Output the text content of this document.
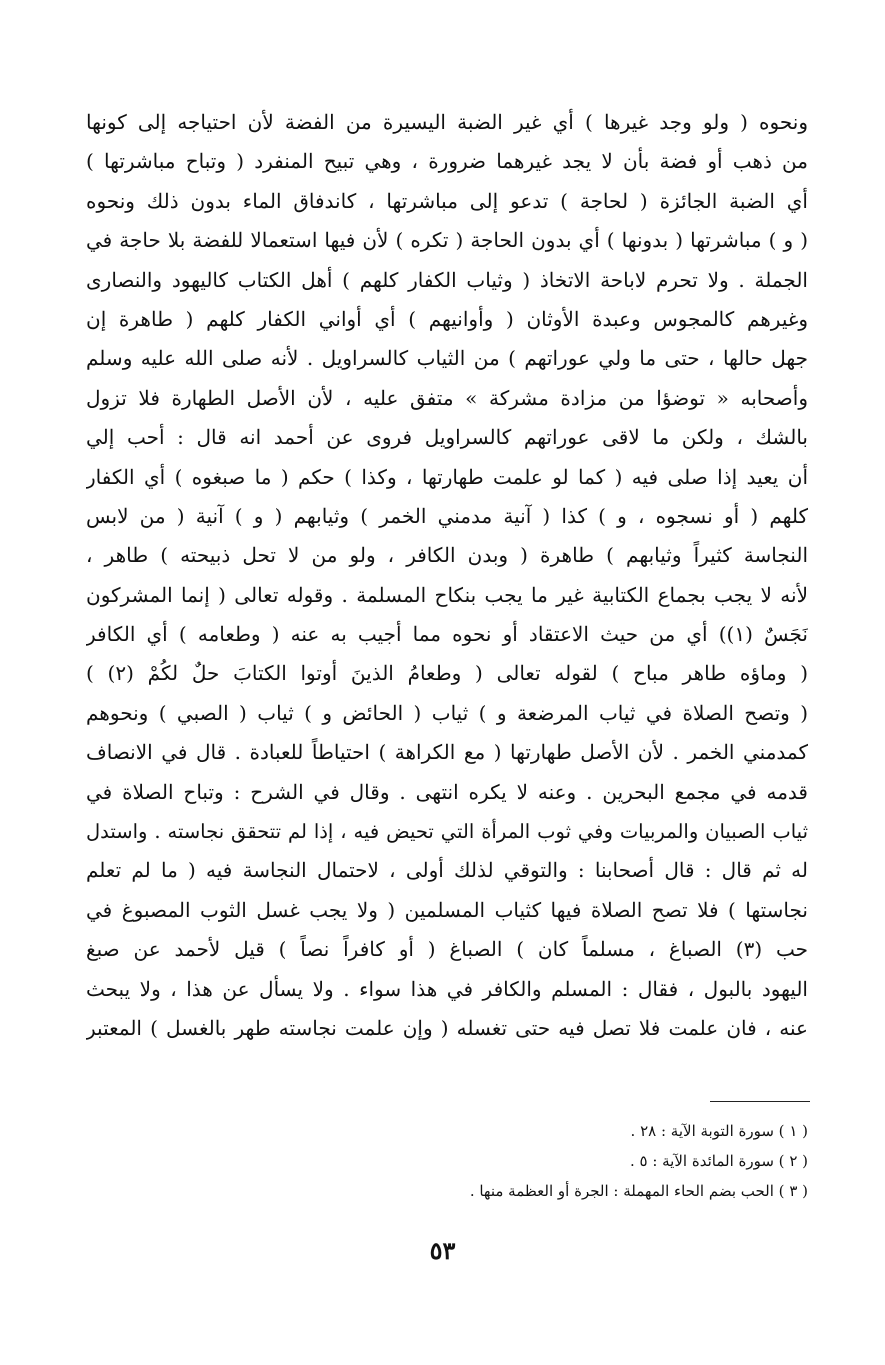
ونحوه ( ولو وجد غيرها ) أي غير الضبة اليسيرة من الفضة لأن احتياجه إلى كونها
من ذهب أو فضة بأن لا يجد غيرهما ضرورة ، وهي تبيح المنفرد ( وتباح مباشرتها )
أي الضبة الجائزة ( لحاجة ) تدعو إلى مباشرتها ، كاندفاق الماء بدون ذلك ونحوه
( و ) مباشرتها ( بدونها ) أي بدون الحاجة ( تكره ) لأن فيها استعمالا للفضة بلا حاجة في
الجملة . ولا تحرم لاباحة الاتخاذ ( وثياب الكفار كلهم ) أهل الكتاب كاليهود والنصارى
وغيرهم كالمجوس وعبدة الأوثان ( وأوانيهم ) أي أواني الكفار كلهم ( طاهرة إن
جهل حالها ، حتى ما ولي عوراتهم ) من الثياب كالسراويل . لأنه صلى الله عليه وسلم
وأصحابه « توضؤا من مزادة مشركة » متفق عليه ، لأن الأصل الطهارة فلا تزول
بالشك ، ولكن ما لاقى عوراتهم كالسراويل فروى عن أحمد انه قال : أحب إلي
أن يعيد إذا صلى فيه ( كما لو علمت طهارتها ، وكذا ) حكم ( ما صبغوه ) أي الكفار
كلهم ( أو نسجوه ، و ) كذا ( آنية مدمني الخمر ) وثيابهم ( و ) آنية ( من لابس
النجاسة كثيراً وثيابهم ) طاهرة ( وبدن الكافر ، ولو من لا تحل ذبيحته ) طاهر ،
لأنه لا يجب بجماع الكتابية غير ما يجب بنكاح المسلمة . وقوله تعالى ( إنما المشركون
نَجَسٌ (١)) أي من حيث الاعتقاد أو نحوه مما أجيب به عنه ( وطعامه ) أي الكافر
( وماؤه طاهر مباح ) لقوله تعالى ( وطعامُ الذينَ أوتوا الكتابَ حلٌ لكُمْ (٢) )
( وتصح الصلاة في ثياب المرضعة و ) ثياب ( الحائض و ) ثياب ( الصبي ) ونحوهم
كمدمني الخمر . لأن الأصل طهارتها ( مع الكراهة ) احتياطاً للعبادة . قال في الانصاف
قدمه في مجمع البحرين . وعنه لا يكره انتهى . وقال في الشرح : وتباح الصلاة في
ثياب الصبيان والمربيات وفي ثوب المرأة التي تحيض فيه ، إذا لم تتحقق نجاسته . واستدل
له ثم قال : قال أصحابنا : والتوقي لذلك أولى ، لاحتمال النجاسة فيه ( ما لم تعلم
نجاستها ) فلا تصح الصلاة فيها كثياب المسلمين ( ولا يجب غسل الثوب المصبوغ في
حب (٣) الصباغ ، مسلماً كان ) الصباغ ( أو كافراً نصاً ) قيل لأحمد عن صبغ
اليهود بالبول ، فقال : المسلم والكافر في هذا سواء . ولا يسأل عن هذا ، ولا يبحث
عنه ، فان علمت فلا تصل فيه حتى تغسله ( وإن علمت نجاسته طهر بالغسل ) المعتبر
( ١ ) سورة التوبة الآية : ٢٨ .
( ٢ ) سورة المائدة الآية : ٥ .
( ٣ ) الحب بضم الحاء المهملة : الجرة أو العظمة منها .
٥٣
